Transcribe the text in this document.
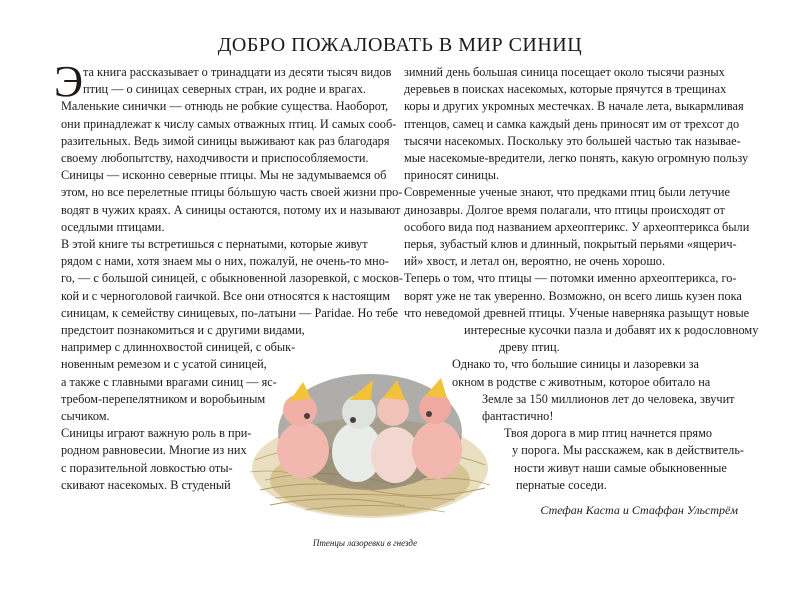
ДОБРО ПОЖАЛОВАТЬ В МИР СИНИЦ
Э та книга рассказывает о тринадцати из десяти тысяч видов

птиц — о синицах северных стран, их родне и врагах.

Маленькие синички — отнюдь не робкие существа. Наоборот,

они принадлежат к числу самых отважных птиц. И самых сооб-

разительных. Ведь зимой синицы выживают как раз благодаря

своему любопытству, находчивости и приспособляемости.

Синицы — исконно северные птицы. Мы не задумываемся об

этом, но все перелетные птицы бóльшую часть своей жизни про-

водят в чужих краях. А синицы остаются, потому их и называют

оседлыми птицами.

В этой книге ты встретишься с пернатыми, которые живут

рядом с нами, хотя знаем мы о них, пожалуй, не очень-то мно-

го, — с большой синицей, с обыкновенной лазоревкой, с москов-

кой и с черноголовой гаичкой. Все они относятся к настоящим

синицам, к семейству синицевых, по-латыни — Paridae. Но тебе

предстоит познакомиться и с другими видами,

например с длиннохвостой синицей, с обык-

новенным ремезом и с усатой синицей,

а также с главными врагами синиц — яс-

требом-перепелятником и воробьиным

сычиком.

Синицы играют важную роль в при-

родном равновесии. Многие из них

с поразительной ловкостью оты-

скивают насекомых. В студеный

зимний день большая синица посещает около тысячи разных

деревьев в поисках насекомых, которые прячутся в трещинах

коры и других укромных местечках. В начале лета, выкармливая

птенцов, самец и самка каждый день приносят им от трехсот до

тысячи насекомых. Поскольку это большей частью так называе-

мые насекомые-вредители, легко понять, какую огромную пользу

приносят синицы.

Современные ученые знают, что предками птиц были летучие

динозавры. Долгое время полагали, что птицы происходят от

особого вида под названием археоптерикс. У археоптерикса были

перья, зубастый клюв и длинный, покрытый перьями «ящерич-

ий» хвост, и летал он, вероятно, не очень хорошо.

Теперь о том, что птицы — потомки именно археоптерикса, го-

ворят уже не так уверенно. Возможно, он всего лишь кузен пока

что неведомой древней птицы. Ученые наверняка разыщут новые

интересные кусочки пазла и добавят их к родословному

древу птиц.

Однако то, что большие синицы и лазоревки за

окном в родстве с животным, которое обитало на

Земле за 150 миллионов лет до человека, звучит

фантастично!

Твоя дорога в мир птиц начнется прямо

у порога. Мы расскажем, как в действитель-

ности живут наши самые обыкновенные

пернатые соседи.

Птенцы лазоревки в гнезде

Стефан Каста и Стаффан Ульстрём
